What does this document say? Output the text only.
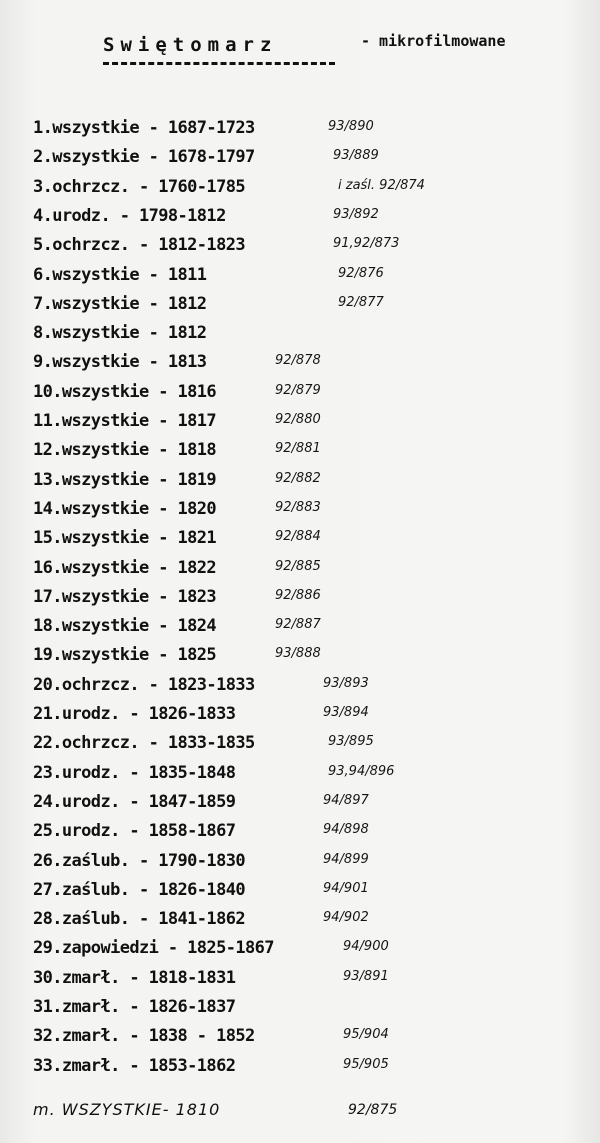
Swiętomarz	- mikrofilmowane
1.wszystkie - 1687-1723	93/890
2.wszystkie - 1678-1797	93/889
3.ochrzcz. - 1760-1785	i zaśl. 92/874
4.urodz. - 1798-1812	93/892
5.ochrzcz. - 1812-1823	91,92/873
6.wszystkie - 1811	92/876
7.wszystkie - 1812	92/877
8.wszystkie - 1812
9.wszystkie - 1813	92/878
10.wszystkie - 1816	92/879
11.wszystkie - 1817	92/880
12.wszystkie - 1818	92/881
13.wszystkie - 1819	92/882
14.wszystkie - 1820	92/883
15.wszystkie - 1821	92/884
16.wszystkie - 1822	92/885
17.wszystkie - 1823	92/886
18.wszystkie - 1824	92/887
19.wszystkie - 1825	93/888
20.ochrzcz. - 1823-1833	93/893
21.urodz. - 1826-1833	93/894
22.ochrzcz. - 1833-1835	93/895
23.urodz. - 1835-1848	93,94/896
24.urodz. - 1847-1859	94/897
25.urodz. - 1858-1867	94/898
26.zaślub. - 1790-1830	94/899
27.zaślub. - 1826-1840	94/901
28.zaślub. - 1841-1862	94/902
29.zapowiedzi - 1825-1867	94/900
30.zmarł. - 1818-1831	93/891
31.zmarł. - 1826-1837
32.zmarł. - 1838 - 1852	95/904
33.zmarł. - 1853-1862	95/905
m. WSZYSTKIE- 1810	92/875
